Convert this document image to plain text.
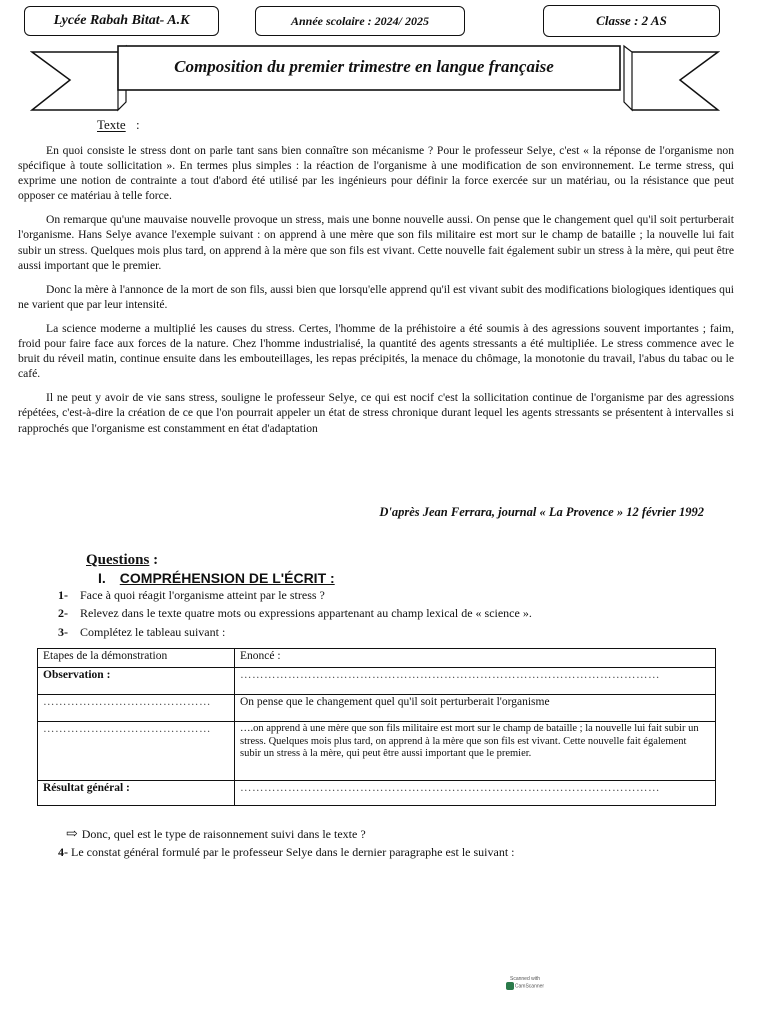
Lycée Rabah Bitat- A.K	Année scolaire : 2024/ 2025	Classe : 2 AS
Composition du premier trimestre en langue française
Texte :

En quoi consiste le stress dont on parle tant sans bien connaître son mécanisme ? Pour le professeur Selye, c'est « la réponse de l'organisme non spécifique à toute sollicitation ». En termes plus simples : la réaction de l'organisme à une modification de son environnement. Le terme stress, qui exprime une notion de contrainte a tout d'abord été utilisé par les ingénieurs pour définir la force exercée sur un matériau, ou la résistance que peut opposer ce matériau à telle force.

On remarque qu'une mauvaise nouvelle provoque un stress, mais une bonne nouvelle aussi. On pense que le changement quel qu'il soit perturberait l'organisme. Hans Selye avance l'exemple suivant : on apprend à une mère que son fils militaire est mort sur le champ de bataille ; la nouvelle lui fait subir un stress. Quelques mois plus tard, on apprend à la mère que son fils est vivant. Cette nouvelle fait également subir un stress à la mère, qui peut être aussi important que le premier.

Donc la mère à l'annonce de la mort de son fils, aussi bien que lorsqu'elle apprend qu'il est vivant subit des modifications biologiques identiques qui ne varient que par leur intensité.

La science moderne a multiplié les causes du stress. Certes, l'homme de la préhistoire a été soumis à des agressions souvent importantes ; faim, froid pour faire face aux forces de la nature. Chez l'homme industrialisé, la quantité des agents stressants a été multipliée. Le stress commence avec le bruit du réveil matin, continue ensuite dans les embouteillages, les repas précipités, la menace du chômage, la monotonie du travail, l'abus du tabac ou le café.

Il ne peut y avoir de vie sans stress, souligne le professeur Selye, ce qui est nocif c'est la sollicitation continue de l'organisme par des agressions répétées, c'est-à-dire la création de ce que l'on pourrait appeler un état de stress chronique durant lequel les agents stressants se présentent à intervalles si rapprochés que l'organisme est constamment en état d'adaptation

D'après Jean Ferrara, journal « La Provence » 12 février 1992
Questions :
I. COMPRÉHENSION DE L'ÉCRIT :
1- Face à quoi réagit l'organisme atteint par le stress ?
2- Relevez dans le texte quatre mots ou expressions appartenant au champ lexical de « science ».
3- Complétez le tableau suivant :
Etapes de la démonstration	Enoncé :
Observation :	……………………………………………………………………………………………
……………………………………	On pense que le changement quel qu'il soit perturberait l'organisme
……………………………………	….on apprend à une mère que son fils militaire est mort sur le champ de bataille ; la nouvelle lui fait subir un stress. Quelques mois plus tard, on apprend à la mère que son fils est vivant. Cette nouvelle fait également subir un stress à la mère, qui peut être aussi important que le premier.
Résultat général :	……………………………………………………………………………………………
⇨ Donc, quel est le type de raisonnement suivi dans le texte ?
4- Le constat général formulé par le professeur Selye dans le dernier paragraphe est le suivant :
Scanned with
CamScanner
